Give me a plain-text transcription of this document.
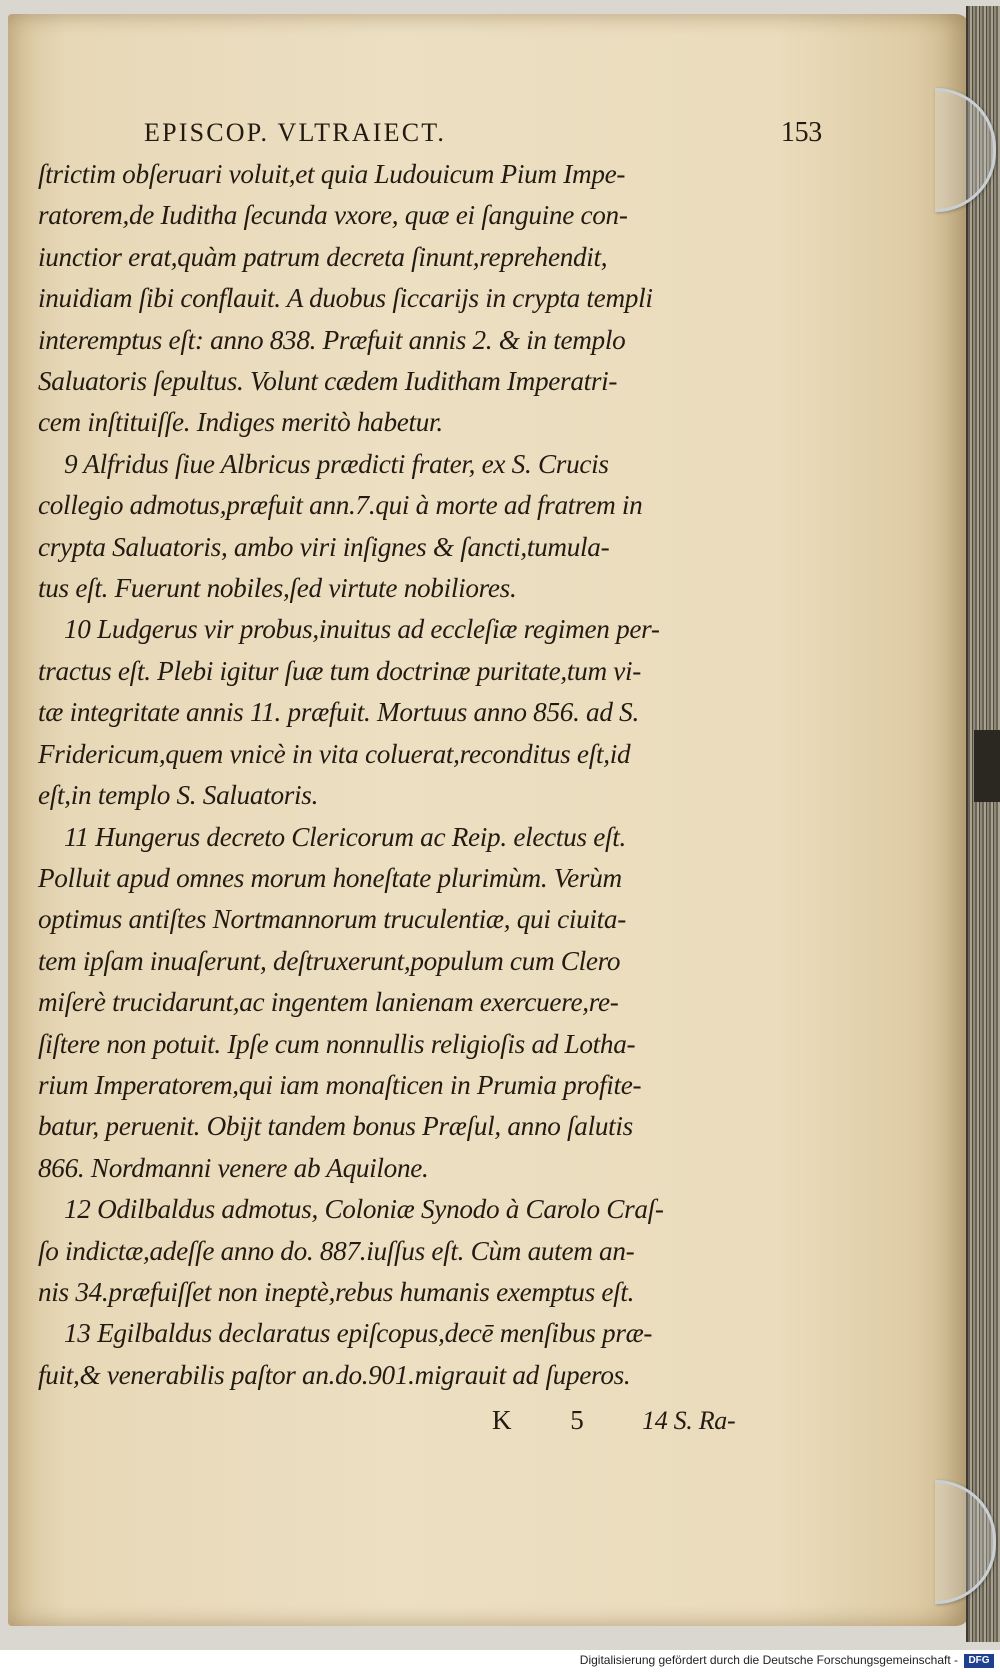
EPISCOP. VLTRAIECT.	153
ſtrictim obſeruari voluit,et quia Ludouicum Pium Impe-
ratorem,de Iuditha ſecunda vxore, quæ ei ſanguine con-
iunctior erat,quàm patrum decreta ſinunt,reprehendit,
inuidiam ſibi conflauit. A duobus ſiccarijs in crypta templi
interemptus eſt: anno 838. Præfuit annis 2. & in templo
Saluatoris ſepultus. Volunt cædem Iuditham Imperatri-
cem inſtituiſſe. Indiges meritò habetur.
9 Alfridus ſiue Albricus prædicti frater, ex S. Crucis
collegio admotus,præfuit ann.7.qui à morte ad fratrem in
crypta Saluatoris, ambo viri inſignes & ſancti,tumula-
tus eſt. Fuerunt nobiles,ſed virtute nobiliores.
10 Ludgerus vir probus,inuitus ad eccleſiæ regimen per-
tractus eſt. Plebi igitur ſuæ tum doctrinæ puritate,tum vi-
tæ integritate annis 11. præfuit. Mortuus anno 856. ad S.
Fridericum,quem vnicè in vita coluerat,reconditus eſt,id
eſt,in templo S. Saluatoris.
11 Hungerus decreto Clericorum ac Reip. electus eſt.
Polluit apud omnes morum honeſtate plurimùm. Verùm
optimus antiſtes Nortmannorum truculentiæ, qui ciuita-
tem ipſam inuaſerunt, deſtruxerunt,populum cum Clero
miſerè trucidarunt,ac ingentem lanienam exercuere,re-
ſiſtere non potuit. Ipſe cum nonnullis religioſis ad Lotha-
rium Imperatorem,qui iam monaſticen in Prumia profite-
batur, peruenit. Obijt tandem bonus Præſul, anno ſalutis
866. Nordmanni venere ab Aquilone.
12 Odilbaldus admotus, Coloniæ Synodo à Carolo Craſ-
ſo indictæ,adeſſe anno do. 887.iuſſus eſt. Cùm autem an-
nis 34.præfuiſſet non ineptè,rebus humanis exemptus eſt.
13 Egilbaldus declaratus epiſcopus,decē menſibus præ-
fuit,& venerabilis paſtor an.do.901.migrauit ad ſuperos.
K 5 14 S. Ra-
Digitalisierung gefördert durch die Deutsche Forschungsgemeinschaft -	DFG
